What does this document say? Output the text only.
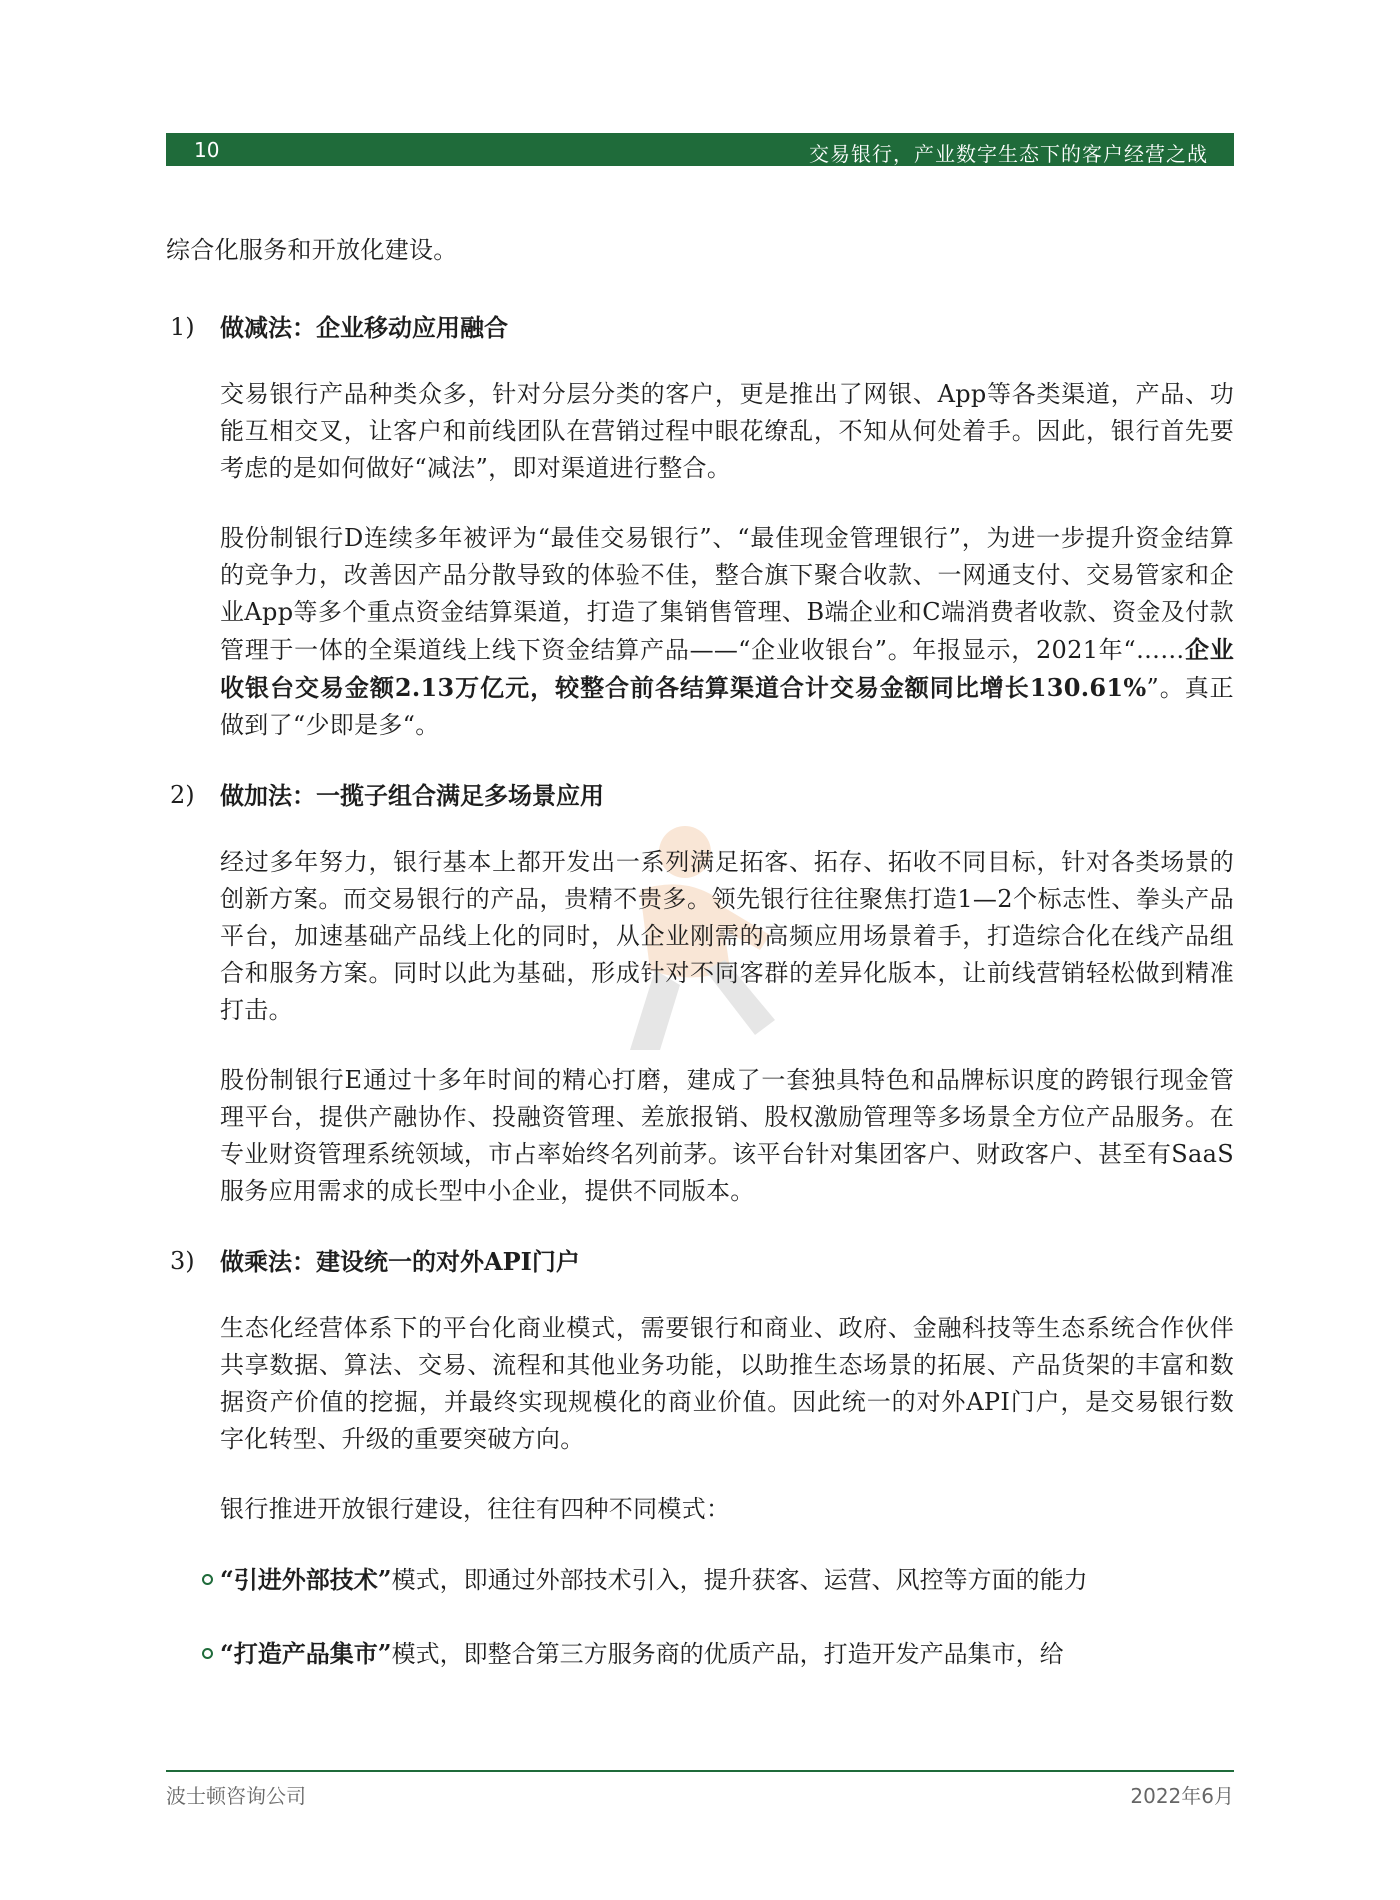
10	交易银行，产业数字生态下的客户经营之战

综合化服务和开放化建设。

1) 做减法：企业移动应用融合

交易银行产品种类众多，针对分层分类的客户，更是推出了网银、App等各类渠道，产品、功能互相交叉，让客户和前线团队在营销过程中眼花缭乱，不知从何处着手。因此，银行首先要考虑的是如何做好“减法”，即对渠道进行整合。

股份制银行D连续多年被评为“最佳交易银行”、“最佳现金管理银行”，为进一步提升资金结算的竞争力，改善因产品分散导致的体验不佳，整合旗下聚合收款、一网通支付、交易管家和企业App等多个重点资金结算渠道，打造了集销售管理、B端企业和C端消费者收款、资金及付款管理于一体的全渠道线上线下资金结算产品——“企业收银台”。年报显示，2021年“……企业收银台交易金额2.13万亿元，较整合前各结算渠道合计交易金额同比增长130.61%”。真正做到了“少即是多“。

2) 做加法：一揽子组合满足多场景应用

经过多年努力，银行基本上都开发出一系列满足拓客、拓存、拓收不同目标，针对各类场景的创新方案。而交易银行的产品，贵精不贵多。领先银行往往聚焦打造1—2个标志性、拳头产品平台，加速基础产品线上化的同时，从企业刚需的高频应用场景着手，打造综合化在线产品组合和服务方案。同时以此为基础，形成针对不同客群的差异化版本，让前线营销轻松做到精准打击。

股份制银行E通过十多年时间的精心打磨，建成了一套独具特色和品牌标识度的跨银行现金管理平台，提供产融协作、投融资管理、差旅报销、股权激励管理等多场景全方位产品服务。在专业财资管理系统领域，市占率始终名列前茅。该平台针对集团客户、财政客户、甚至有SaaS服务应用需求的成长型中小企业，提供不同版本。

3) 做乘法：建设统一的对外API门户

生态化经营体系下的平台化商业模式，需要银行和商业、政府、金融科技等生态系统合作伙伴共享数据、算法、交易、流程和其他业务功能，以助推生态场景的拓展、产品货架的丰富和数据资产价值的挖掘，并最终实现规模化的商业价值。因此统一的对外API门户，是交易银行数字化转型、升级的重要突破方向。

银行推进开放银行建设，往往有四种不同模式：

“引进外部技术”模式，即通过外部技术引入，提升获客、运营、风控等方面的能力
“打造产品集市”模式，即整合第三方服务商的优质产品，打造开发产品集市，给
波士顿咨询公司	2022年6月
